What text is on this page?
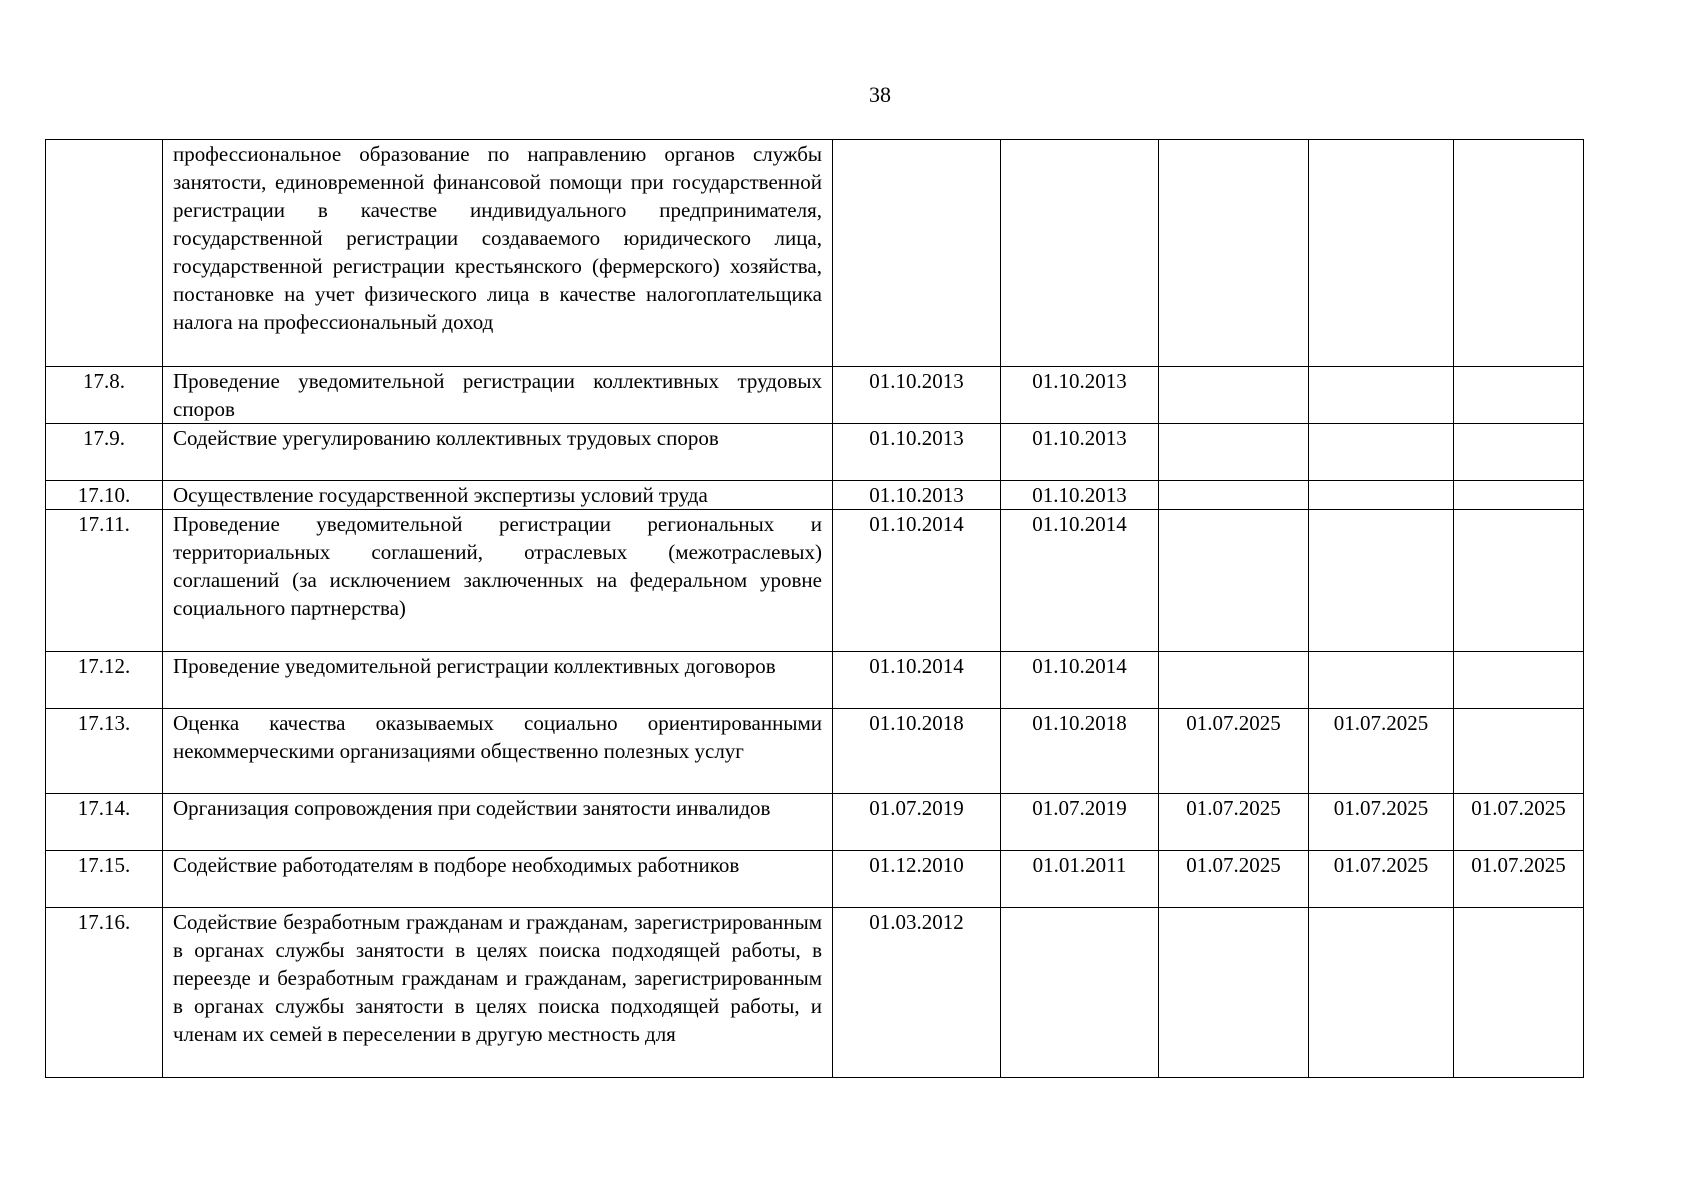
38
	профессиональное образование по направлению органов службы занятости, единовременной финансовой помощи при государственной регистрации в качестве индивидуального предпринимателя, государственной регистрации создаваемого юридического лица, государственной регистрации крестьянского (фермерского) хозяйства, постановке на учет физического лица в качестве налогоплательщика налога на профессиональный доход					
17.8.	Проведение уведомительной регистрации коллективных трудовых споров	01.10.2013	01.10.2013			
17.9.	Содействие урегулированию коллективных трудовых споров	01.10.2013	01.10.2013			
17.10.	Осуществление государственной экспертизы условий труда	01.10.2013	01.10.2013			
17.11.	Проведение уведомительной регистрации региональных и территориальных соглашений, отраслевых (межотраслевых) соглашений (за исключением заключенных на федеральном уровне социального партнерства)	01.10.2014	01.10.2014			
17.12.	Проведение уведомительной регистрации коллективных договоров	01.10.2014	01.10.2014			
17.13.	Оценка качества оказываемых социально ориентированными некоммерческими организациями общественно полезных услуг	01.10.2018	01.10.2018	01.07.2025	01.07.2025	
17.14.	Организация сопровождения при содействии занятости инвалидов	01.07.2019	01.07.2019	01.07.2025	01.07.2025	01.07.2025
17.15.	Содействие работодателям в подборе необходимых работников	01.12.2010	01.01.2011	01.07.2025	01.07.2025	01.07.2025
17.16.	Содействие безработным гражданам и гражданам, зарегистрированным в органах службы занятости в целях поиска подходящей работы, в переезде и безработным гражданам и гражданам, зарегистрированным в органах службы занятости в целях поиска подходящей работы, и членам их семей в переселении в другую местность для	01.03.2012				
